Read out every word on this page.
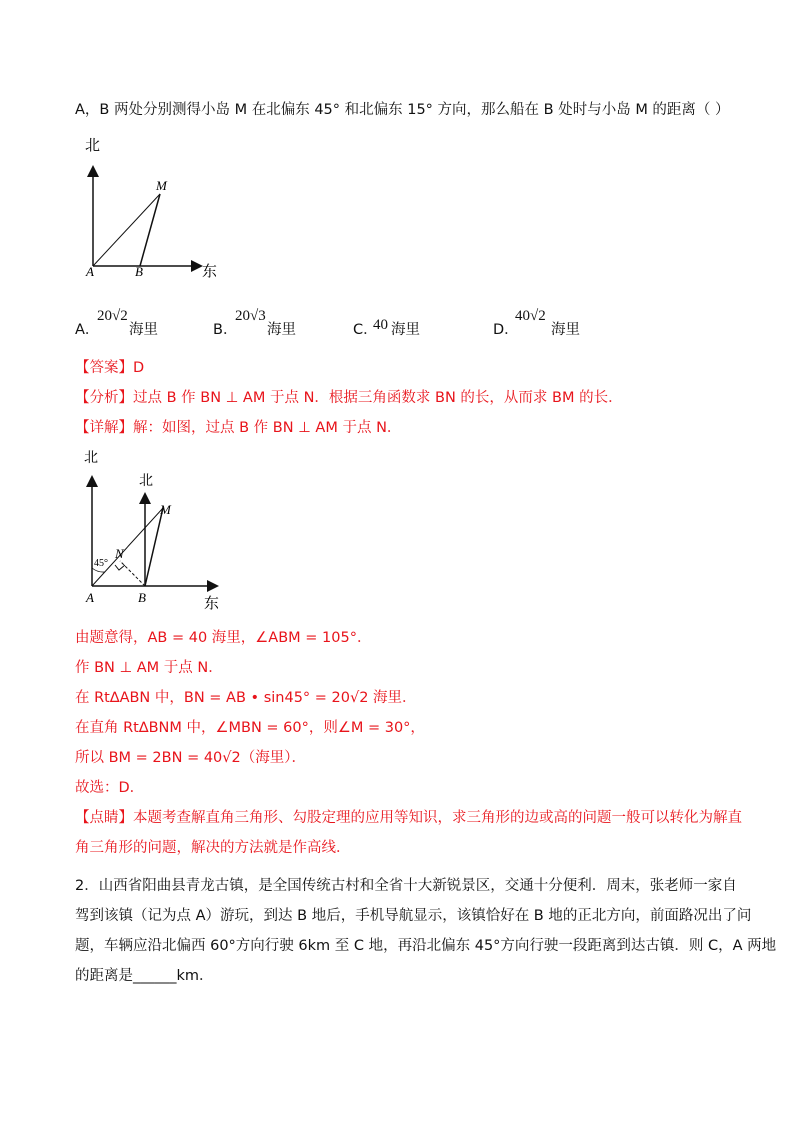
A，B 两处分别测得小岛 M 在北偏东 45° 和北偏东 15° 方向，那么船在 B 处时与小岛 M 的距离（ ）
北
东
A	B
M
A．
20√2
海里	B．
20√3
海里	C．
40 海里	D．
40√2
海里
【答案】D
【分析】过点 B 作 BN ⊥ AM 于点 N．根据三角函数求 BN 的长，从而求 BM 的长．
【详解】解：如图，过点 B 作 BN ⊥ AM 于点 N．
北
北
东
A	B
M
N
45°
由题意得，AB = 40 海里，∠ABM = 105°．
作 BN ⊥ AM 于点 N．
在 Rt∆ABN 中，BN = AB • sin45° = 20√2 海里．
在直角 Rt∆BNM 中，∠MBN = 60°，则∠M = 30°，
所以 BM = 2BN = 40√2（海里）．
故选：D．
【点睛】本题考查解直角三角形、勾股定理的应用等知识，求三角形的边或高的问题一般可以转化为解直
角三角形的问题，解决的方法就是作高线．
2．山西省阳曲县青龙古镇，是全国传统古村和全省十大新锐景区，交通十分便利．周末，张老师一家自
驾到该镇（记为点 A）游玩，到达 B 地后，手机导航显示，该镇恰好在 B 地的正北方向，前面路况出了问
题，车辆应沿北偏西 60°方向行驶 6km 至 C 地，再沿北偏东 45°方向行驶一段距离到达古镇．则 C，A 两地
的距离是______km．
